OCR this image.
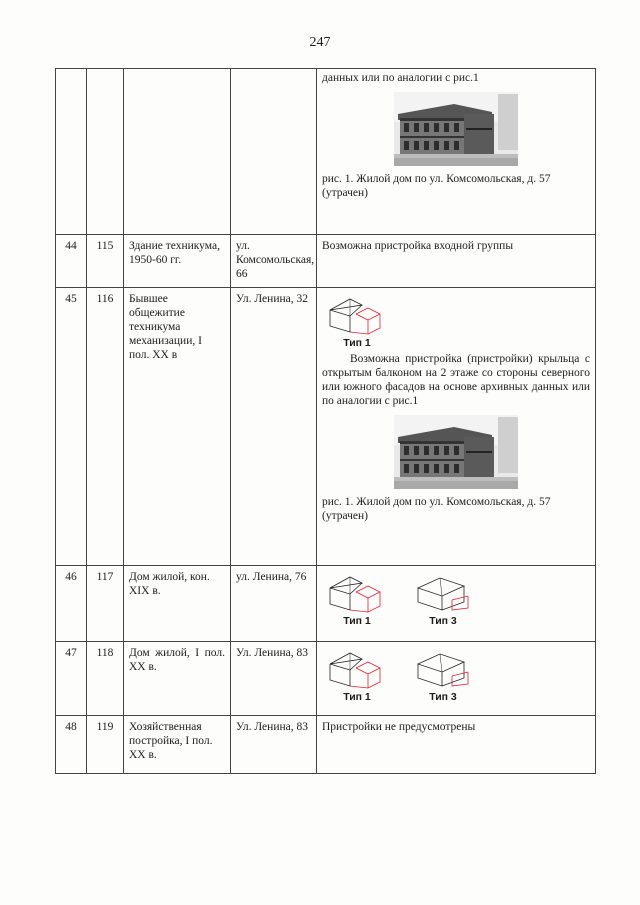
247

				данных или по аналогии с рис.1

рис. 1. Жилой дом по ул. Комсомольская, д. 57 (утрачен)

44	115	Здание техникума, 1950-60 гг.	ул. Комсомольская, 66	Возможна пристройка входной группы

45	116	Бывшее общежитие техникума механизации, I пол. XX в	Ул. Ленина, 32	Тип 1

Возможна пристройка (пристройки) крыльца с открытым балконом на 2 этаже со стороны северного или южного фасадов на основе архивных данных или по аналогии с рис.1

рис. 1. Жилой дом по ул. Комсомольская, д. 57 (утрачен)

46	117	Дом жилой, кон. XIX в.	ул. Ленина, 76	Тип 1 Тип 3

47	118	Дом жилой, I пол. XX в.	Ул. Ленина, 83	Тип 1 Тип 3

48	119	Хозяйственная постройка, I пол. XX в.	Ул. Ленина, 83	Пристройки не предусмотрены
